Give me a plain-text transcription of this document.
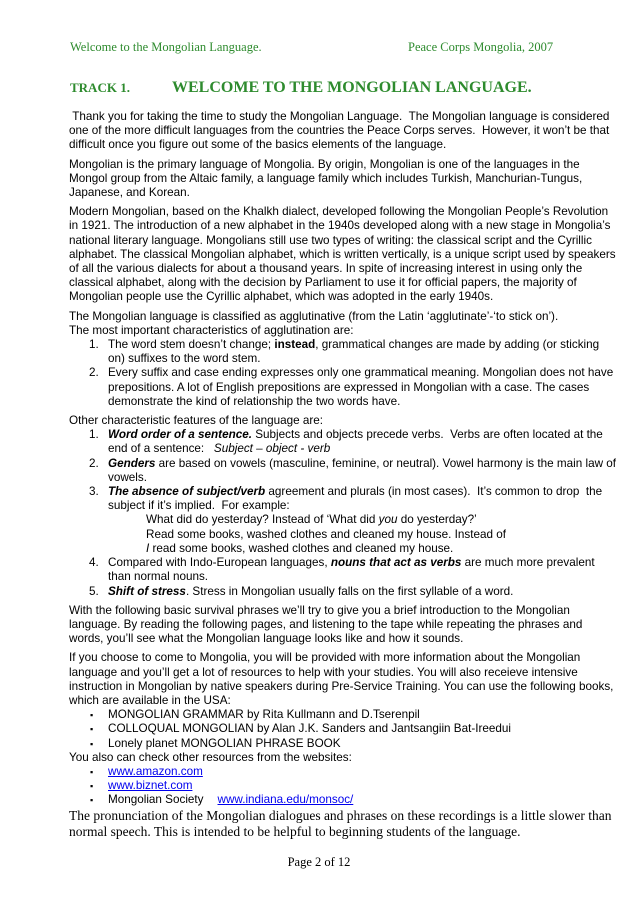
Welcome to the Mongolian Language.	Peace Corps Mongolia, 2007
TRACK 1.	WELCOME TO THE MONGOLIAN LANGUAGE.

Thank you for taking the time to study the Mongolian Language.  The Mongolian language is considered one of the more difficult languages from the countries the Peace Corps serves.  However, it won’t be that difficult once you figure out some of the basics elements of the language.

Mongolian is the primary language of Mongolia. By origin, Mongolian is one of the languages in the Mongol group from the Altaic family, a language family which includes Turkish, Manchurian-Tungus, Japanese, and Korean.

Modern Mongolian, based on the Khalkh dialect, developed following the Mongolian People’s Revolution in 1921. The introduction of a new alphabet in the 1940s developed along with a new stage in Mongolia’s national literary language. Mongolians still use two types of writing: the classical script and the Cyrillic alphabet. The classical Mongolian alphabet, which is written vertically, is a unique script used by speakers of all the various dialects for about a thousand years. In spite of increasing interest in using only the classical alphabet, along with the decision by Parliament to use it for official papers, the majority of Mongolian people use the Cyrillic alphabet, which was adopted in the early 1940s.

The Mongolian language is classified as agglutinative (from the Latin ‘agglutinate’-‘to stick on’).
The most important characteristics of agglutination are:
1. The word stem doesn’t change; instead, grammatical changes are made by adding (or sticking on) suffixes to the word stem.
2. Every suffix and case ending expresses only one grammatical meaning. Mongolian does not have prepositions. A lot of English prepositions are expressed in Mongolian with a case. The cases demonstrate the kind of relationship the two words have.
Other characteristic features of the language are:
1. Word order of a sentence. Subjects and objects precede verbs.  Verbs are often located at the end of a sentence:   Subject – object - verb
2. Genders are based on vowels (masculine, feminine, or neutral). Vowel harmony is the main law of vowels.
3. The absence of subject/verb agreement and plurals (in most cases).  It’s common to drop  the subject if it’s implied.  For example:
What did do yesterday? Instead of ‘What did you do yesterday?’
Read some books, washed clothes and cleaned my house. Instead of
I read some books, washed clothes and cleaned my house.
4. Compared with Indo-European languages, nouns that act as verbs are much more prevalent than normal nouns.
5. Shift of stress. Stress in Mongolian usually falls on the first syllable of a word.

With the following basic survival phrases we’ll try to give you a brief introduction to the Mongolian language. By reading the following pages, and listening to the tape while repeating the phrases and words, you’ll see what the Mongolian language looks like and how it sounds.

If you choose to come to Mongolia, you will be provided with more information about the Mongolian language and you’ll get a lot of resources to help with your studies. You will also receieve intensive instruction in Mongolian by native speakers during Pre-Service Training. You can use the following books, which are available in the USA:
▪ MONGOLIAN GRAMMAR by Rita Kullmann and D.Tserenpil
▪ COLLOQUAL MONGOLIAN by Alan J.K. Sanders and Jantsangiin Bat-Ireedui
▪ Lonely planet MONGOLIAN PHRASE BOOK
You also can check other resources from the websites:
▪ www.amazon.com
▪ www.biznet.com
▪ Mongolian Society www.indiana.edu/monsoc/

The pronunciation of the Mongolian dialogues and phrases on these recordings is a little slower than normal speech. This is intended to be helpful to beginning students of the language.

Page 2 of 12
